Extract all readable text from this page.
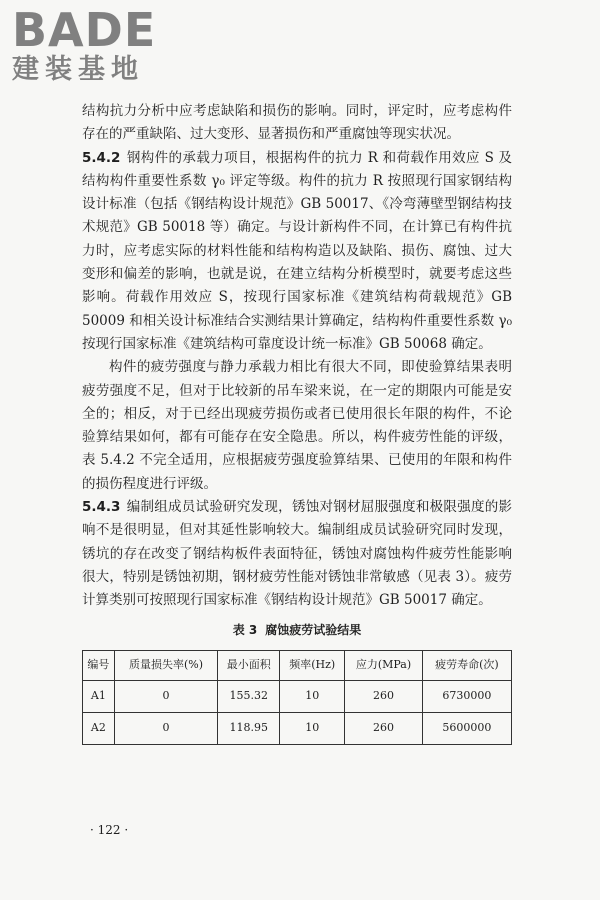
BADE
建装基地

结构抗力分析中应考虑缺陷和损伤的影响。同时，评定时，应考虑构件存在的严重缺陷、过大变形、显著损伤和严重腐蚀等现实状况。

5.4.2 钢构件的承载力项目，根据构件的抗力 R 和荷载作用效应 S 及结构构件重要性系数 γ₀ 评定等级。构件的抗力 R 按照现行国家钢结构设计标准（包括《钢结构设计规范》GB 50017、《冷弯薄壁型钢结构技术规范》GB 50018 等）确定。与设计新构件不同，在计算已有构件抗力时，应考虑实际的材料性能和结构构造以及缺陷、损伤、腐蚀、过大变形和偏差的影响，也就是说，在建立结构分析模型时，就要考虑这些影响。荷载作用效应 S，按现行国家标准《建筑结构荷载规范》GB 50009 和相关设计标准结合实测结果计算确定，结构构件重要性系数 γ₀ 按现行国家标准《建筑结构可靠度设计统一标准》GB 50068 确定。

构件的疲劳强度与静力承载力相比有很大不同，即使验算结果表明疲劳强度不足，但对于比较新的吊车梁来说，在一定的期限内可能是安全的；相反，对于已经出现疲劳损伤或者已使用很长年限的构件，不论验算结果如何，都有可能存在安全隐患。所以，构件疲劳性能的评级，表 5.4.2 不完全适用，应根据疲劳强度验算结果、已使用的年限和构件的损伤程度进行评级。

5.4.3 编制组成员试验研究发现，锈蚀对钢材屈服强度和极限强度的影响不是很明显，但对其延性影响较大。编制组成员试验研究同时发现，锈坑的存在改变了钢结构板件表面特征，锈蚀对腐蚀构件疲劳性能影响很大，特别是锈蚀初期，钢材疲劳性能对锈蚀非常敏感（见表 3）。疲劳计算类别可按照现行国家标准《钢结构设计规范》GB 50017 确定。

表 3 腐蚀疲劳试验结果
编号	质量损失率(%)	最小面积	频率(Hz)	应力(MPa)	疲劳寿命(次)
A1	0	155.32	10	260	6730000
A2	0	118.95	10	260	5600000
· 122 ·
